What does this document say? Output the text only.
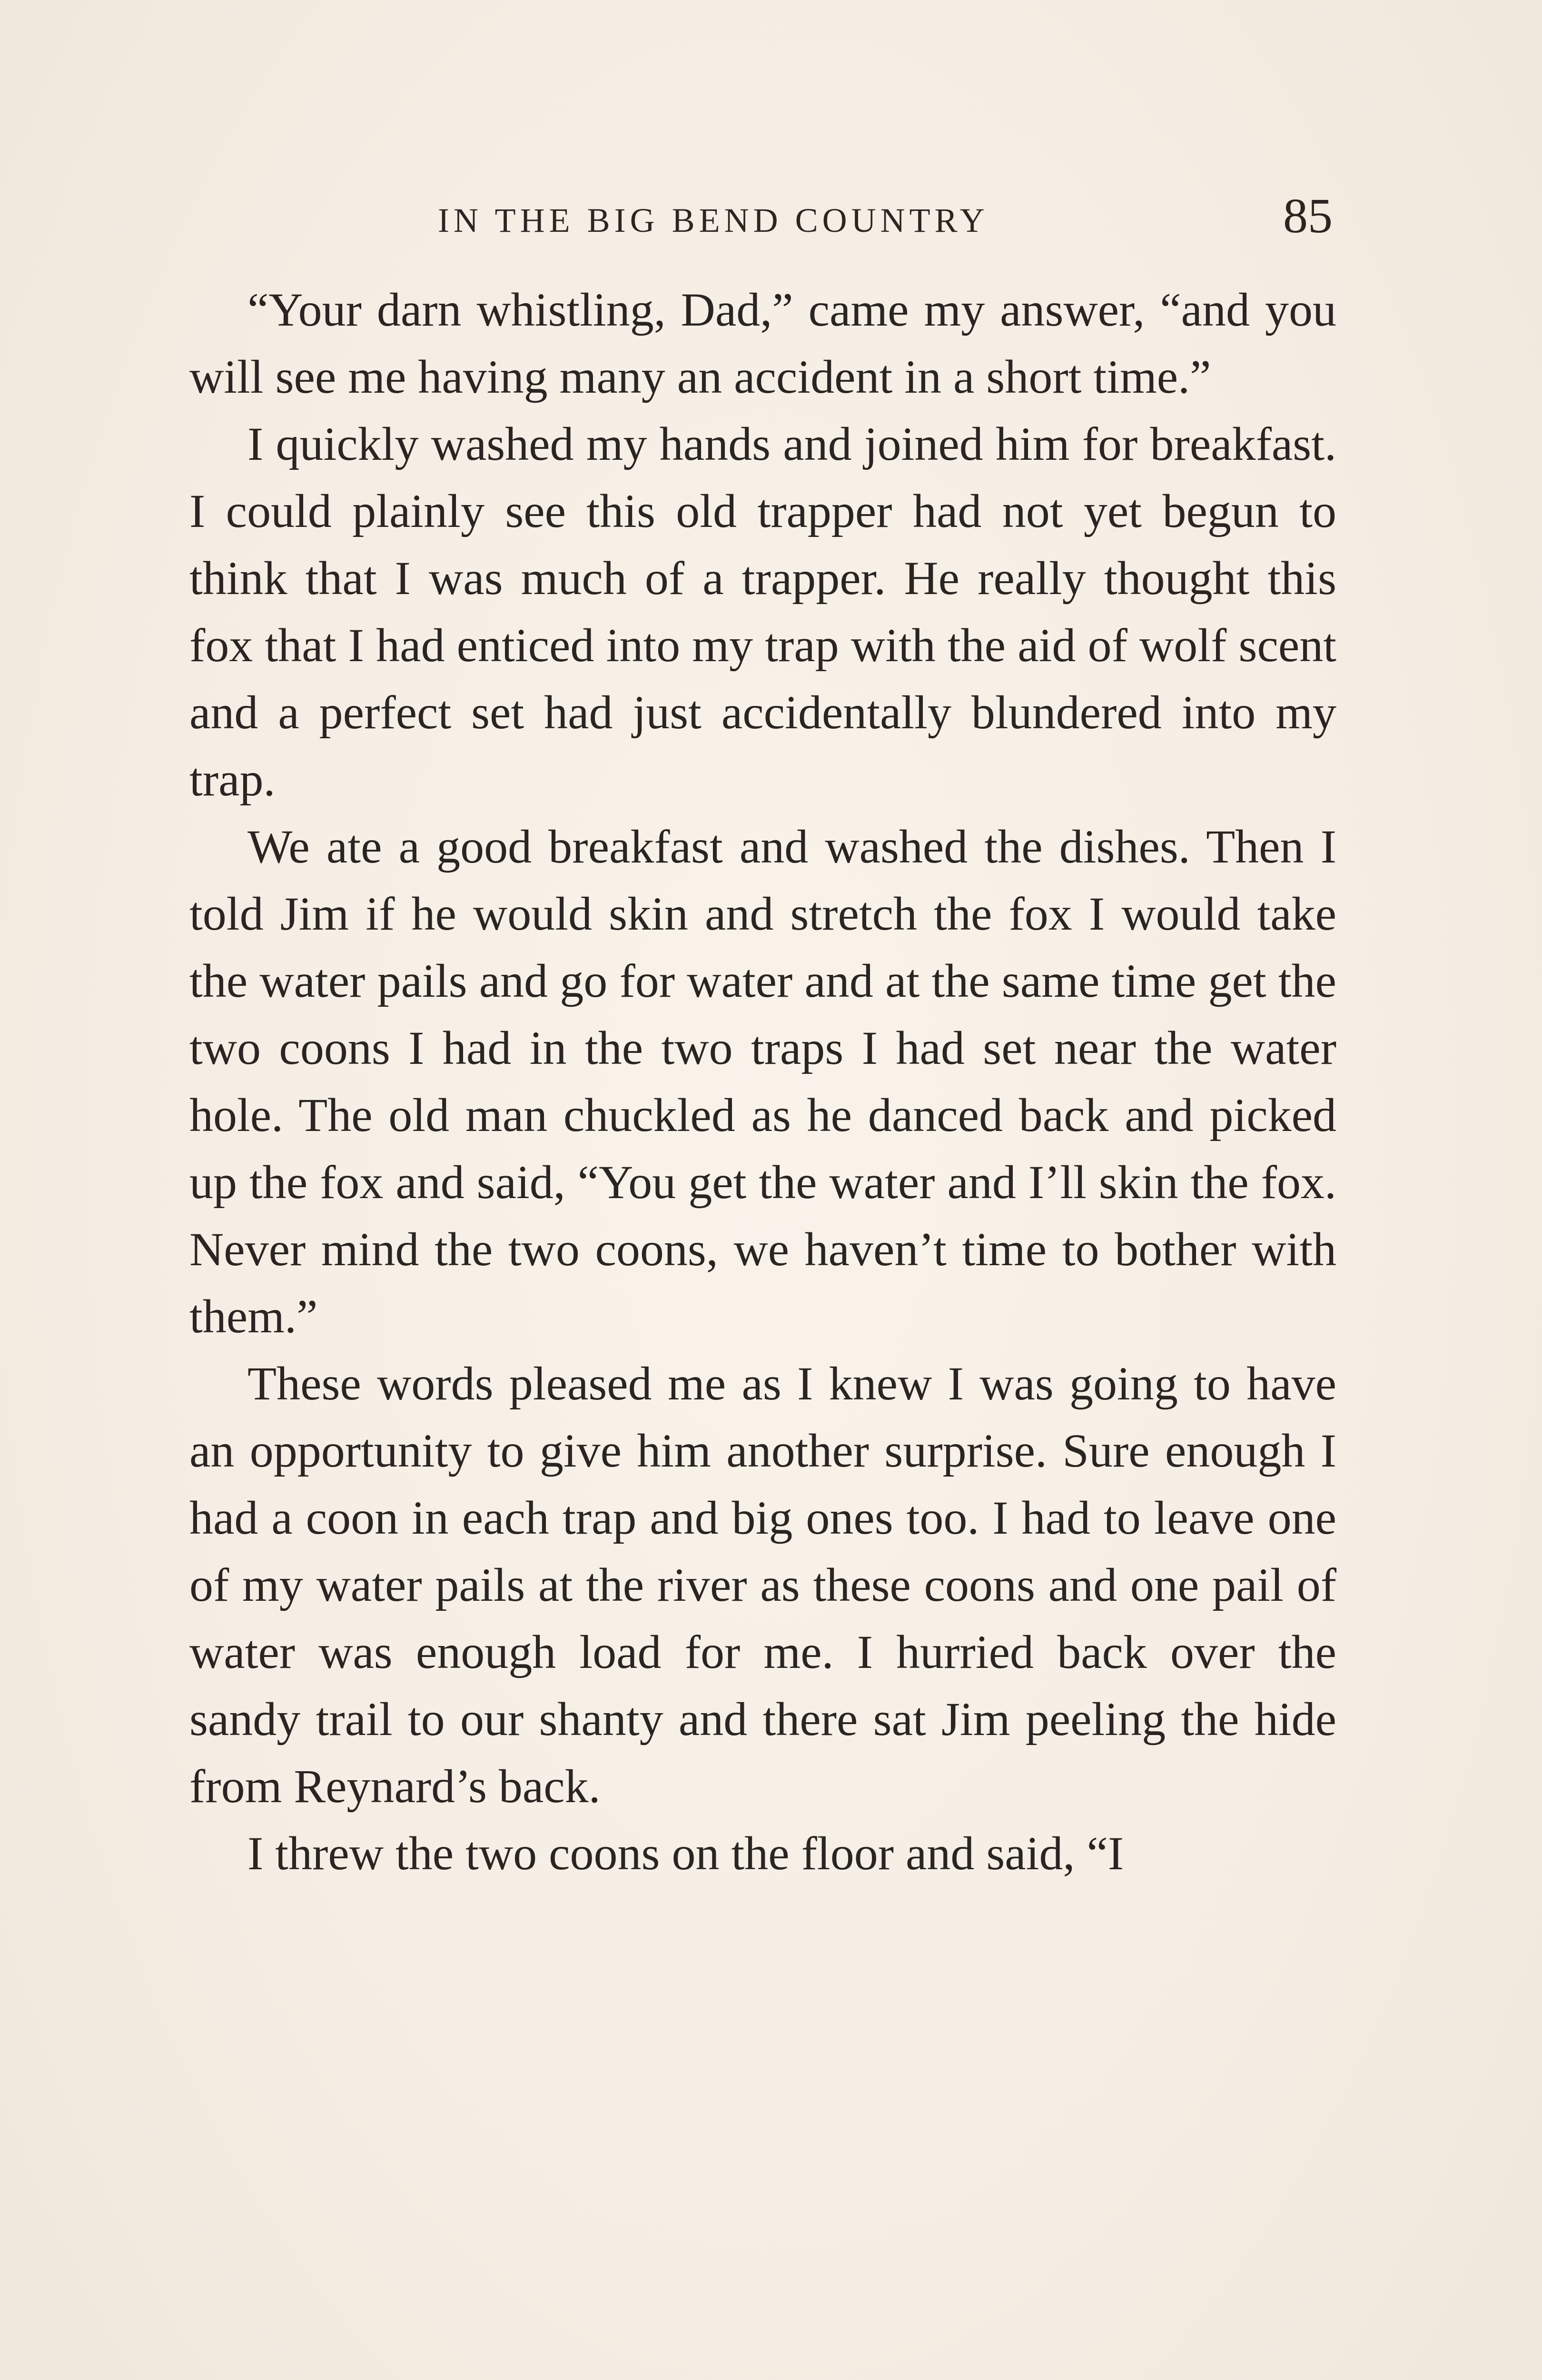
IN THE BIG BEND COUNTRY	85

“Your darn whistling, Dad,” came my answer, “and you will see me having many an accident in a short time.”

I quickly washed my hands and joined him for breakfast. I could plainly see this old trapper had not yet begun to think that I was much of a trapper. He really thought this fox that I had enticed into my trap with the aid of wolf scent and a perfect set had just accidentally blundered into my trap.

We ate a good breakfast and washed the dishes. Then I told Jim if he would skin and stretch the fox I would take the water pails and go for water and at the same time get the two coons I had in the two traps I had set near the water hole. The old man chuckled as he danced back and picked up the fox and said, “You get the water and I’ll skin the fox. Never mind the two coons, we haven’t time to bother with them.”

These words pleased me as I knew I was going to have an opportunity to give him another surprise. Sure enough I had a coon in each trap and big ones too. I had to leave one of my water pails at the river as these coons and one pail of water was enough load for me. I hurried back over the sandy trail to our shanty and there sat Jim peeling the hide from Reynard’s back.

I threw the two coons on the floor and said, “I
